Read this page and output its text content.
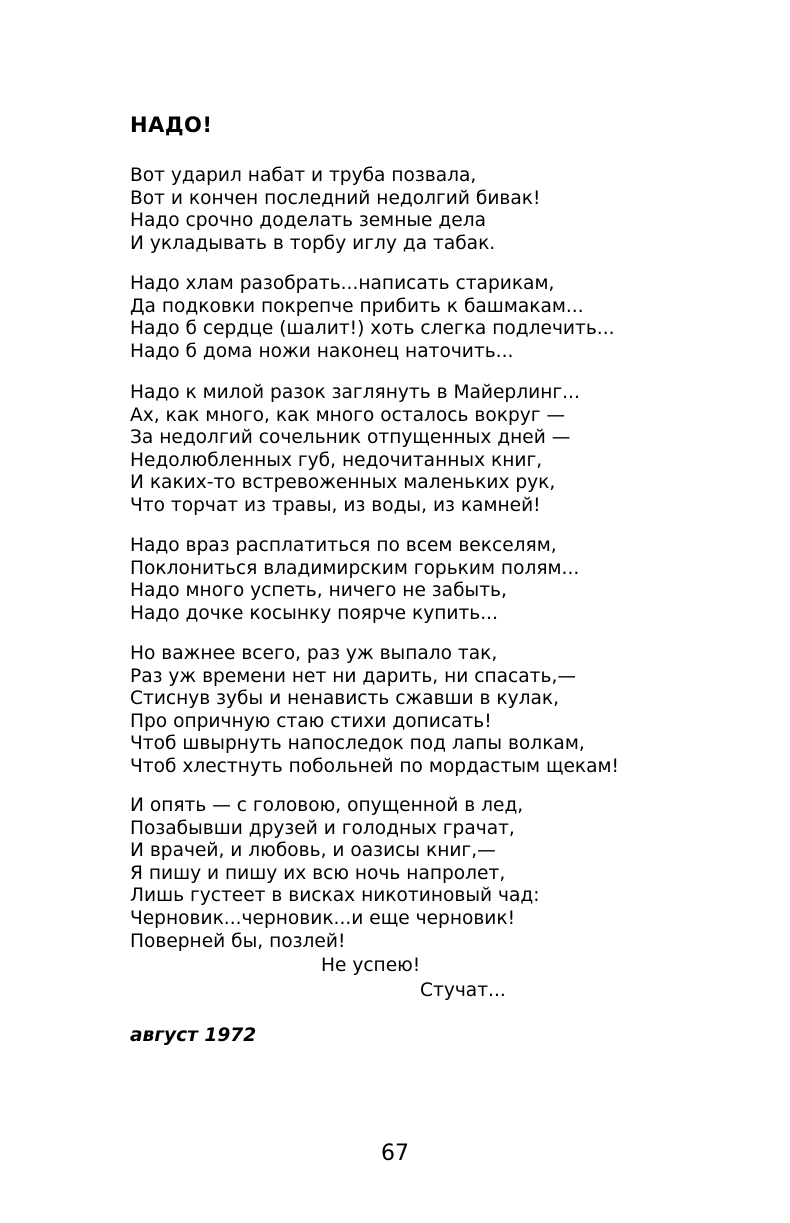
НАДО!

Вот ударил набат и труба позвала,

Вот и кончен последний недолгий бивак!

Надо срочно доделать земные дела

И укладывать в торбу иглу да табак.

Надо хлам разобрать...написать старикам,

Да подковки покрепче прибить к башмакам...

Надо б сердце (шалит!) хоть слегка подлечить...

Надо б дома ножи наконец наточить...

Надо к милой разок заглянуть в Майерлинг...

Ах, как много, как много осталось вокруг —

За недолгий сочельник отпущенных дней —

Недолюбленных губ, недочитанных книг,

И каких-то встревоженных маленьких рук,

Что торчат из травы, из воды, из камней!

Надо враз расплатиться по всем векселям,

Поклониться владимирским горьким полям...

Надо много успеть, ничего не забыть,

Надо дочке косынку поярче купить...

Но важнее всего, раз уж выпало так,

Раз уж времени нет ни дарить, ни спасать,—

Стиснув зубы и ненависть сжавши в кулак,

Про опричную стаю стихи дописать!

Чтоб швырнуть напоследок под лапы волкам,

Чтоб хлестнуть побольней по мордастым щекам!

И опять — с головою, опущенной в лед,

Позабывши друзей и голодных грачат,

И врачей, и любовь, и оазисы книг,—

Я пишу и пишу их всю ночь напролет,

Лишь густеет в висках никотиновый чад:

Черновик...черновик...и еще черновик!

Поверней бы, позлей!

Не успею!

Стучат...

август 1972

67
